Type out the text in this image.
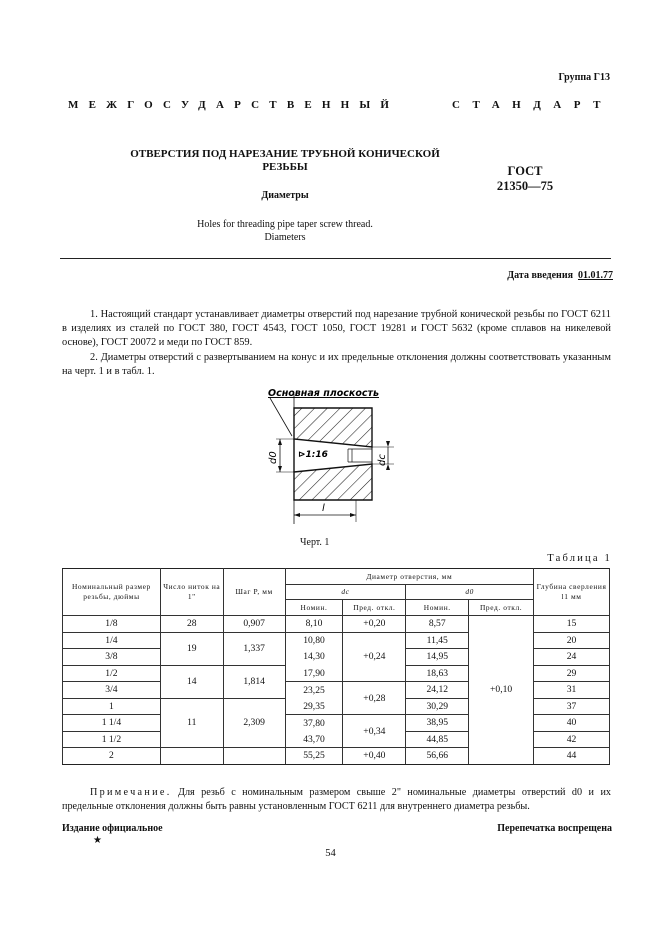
Группа Г13
МЕЖГОСУДАРСТВЕННЫЙ	СТАНДАРТ
ОТВЕРСТИЯ ПОД НАРЕЗАНИЕ ТРУБНОЙ КОНИЧЕСКОЙ РЕЗЬБЫ
Диаметры
Holes for threading pipe taper screw thread.
Diameters
ГОСТ
21350—75
Дата введения 01.01.77
1. Настоящий стандарт устанавливает диаметры отверстий под нарезание трубной конической резьбы по ГОСТ 6211 в изделиях из сталей по ГОСТ 380, ГОСТ 4543, ГОСТ 1050, ГОСТ 19281 и ГОСТ 5632 (кроме сплавов на никелевой основе), ГОСТ 20072 и меди по ГОСТ 859.
2. Диаметры отверстий с развертыванием на конус и их предельные отклонения должны соответствовать указанным на черт. 1 и в табл. 1.
Основная плоскость
d0	dc
⊳1:16
l
Черт. 1
Таблица 1
Номинальный размер резьбы, дюймы	Число ниток на 1"	Шаг P, мм	Диаметр отверстия, мм				Глубина сверления l1 мм
			dc		d0		
			Номин.	Пред. откл.	Номин.	Пред. откл.	
1/8	28	0,907	8,10	+0,20	8,57	+0,10	15
1/4	19	1,337	10,80	+0,24	11,45		20
3/8			14,30		14,95		24
1/2	14	1,814	17,90		18,63		29
3/4			23,25	+0,28	24,12		31
1	11	2,309	29,35		30,29		37
1 1/4			37,80	+0,34	38,95		40
1 1/2			43,70		44,85		42
2			55,25	+0,40	56,66		44
Примечание. Для резьб с номинальным размером свыше 2" номинальные диаметры отверстий d0 и их предельные отклонения должны быть равны установленным ГОСТ 6211 для внутреннего диаметра резьбы.
Издание официальное
★
Перепечатка воспрещена
54
